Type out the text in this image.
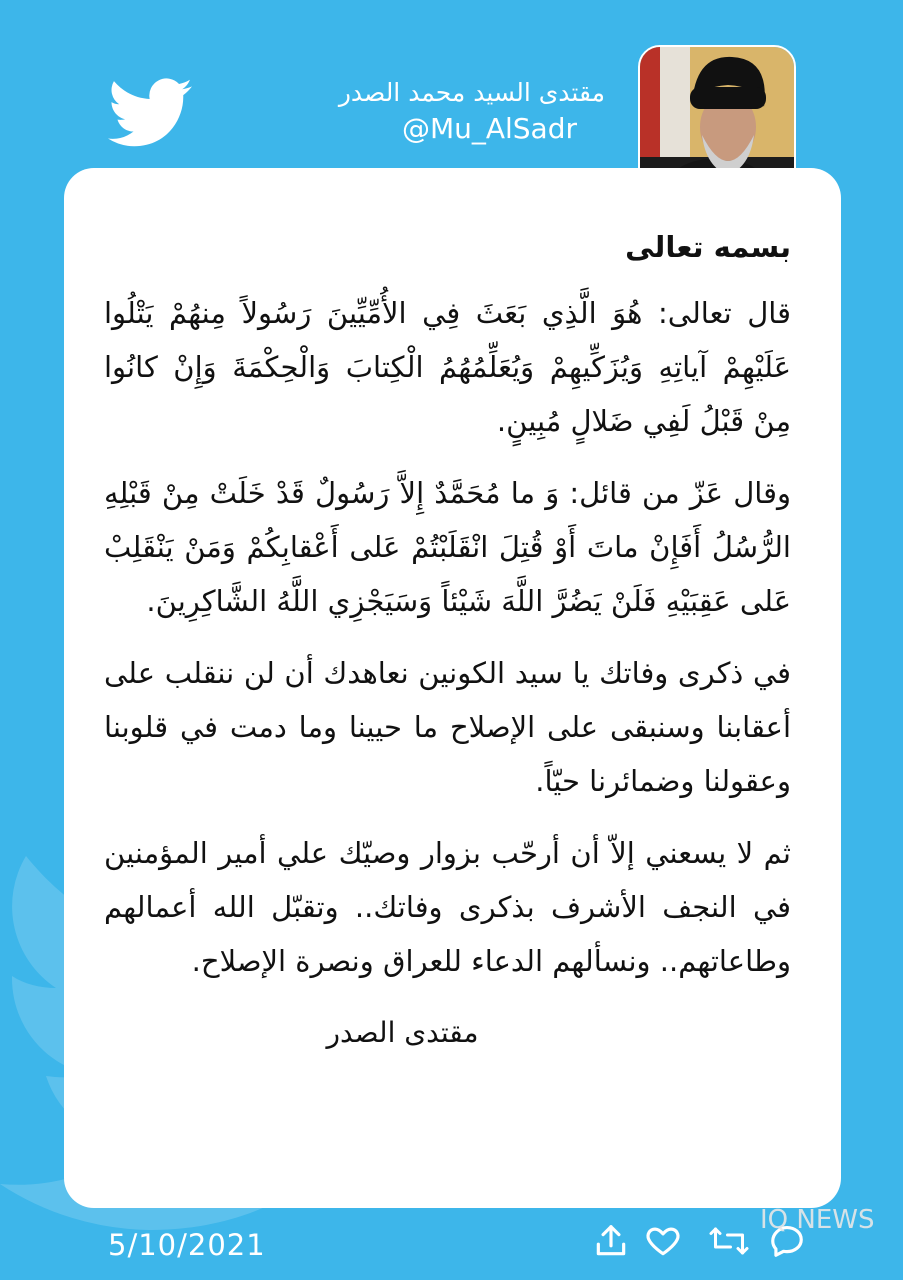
مقتدى السيد محمد الصدر
@Mu_AlSadr
بسمه تعالى

قال تعالى: هُوَ الَّذِي بَعَثَ فِي الأُمِّيِّينَ رَسُولاً مِنهُمْ يَتْلُوا عَلَيْهِمْ آياتِهِ وَيُزَكِّيهِمْ وَيُعَلِّمُهُمُ الْكِتابَ وَالْحِكْمَةَ وَإِنْ كانُوا مِنْ قَبْلُ لَفِي ضَلالٍ مُبِينٍ.

وقال عَزّ من قائل: وَ ما مُحَمَّدٌ إِلاَّ رَسُولٌ قَدْ خَلَتْ مِنْ قَبْلِهِ الرُّسُلُ أَفَإِنْ ماتَ أَوْ قُتِلَ انْقَلَبْتُمْ عَلى أَعْقابِكُمْ وَمَنْ يَنْقَلِبْ عَلى عَقِبَيْهِ فَلَنْ يَضُرَّ اللَّهَ شَيْئاً وَسَيَجْزِي اللَّهُ الشَّاكِرِينَ.

في ذكرى وفاتك يا سيد الكونين نعاهدك أن لن ننقلب على أعقابنا وسنبقى على الإصلاح ما حيينا وما دمت في قلوبنا وعقولنا وضمائرنا حيّاً.

ثم لا يسعني إلاّ أن أرحّب بزوار وصيّك علي أمير المؤمنين في النجف الأشرف بذكرى وفاتك.. وتقبّل الله أعمالهم وطاعاتهم.. ونسألهم الدعاء للعراق ونصرة الإصلاح.

مقتدى الصدر
5/10/2021
IQ NEWS
